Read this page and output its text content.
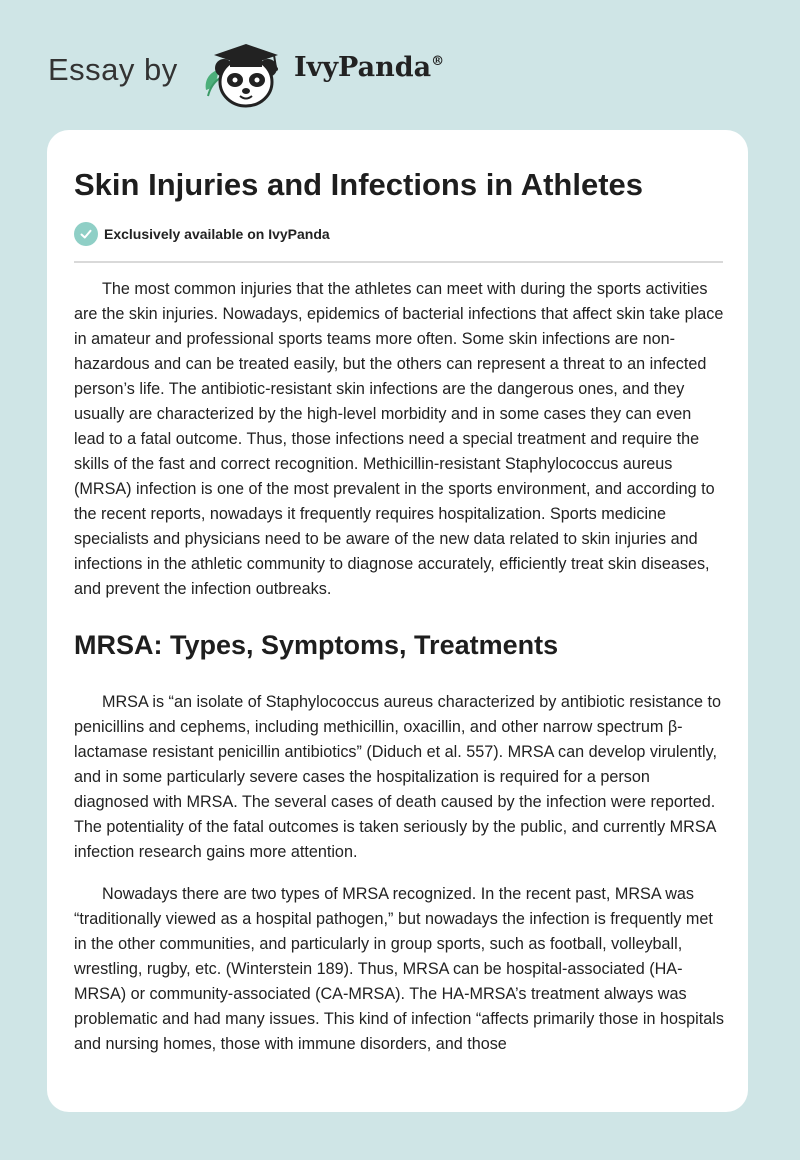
Essay by	IvyPanda®
Skin Injuries and Infections in Athletes
Exclusively available on IvyPanda

The most common injuries that the athletes can meet with during the sports activities are the skin injuries. Nowadays, epidemics of bacterial infections that affect skin take place in amateur and professional sports teams more often. Some skin infections are non-hazardous and can be treated easily, but the others can represent a threat to an infected person’s life. The antibiotic-resistant skin infections are the dangerous ones, and they usually are characterized by the high-level morbidity and in some cases they can even lead to a fatal outcome. Thus, those infections need a special treatment and require the skills of the fast and correct recognition. Methicillin-resistant Staphylococcus aureus (MRSA) infection is one of the most prevalent in the sports environment, and according to the recent reports, nowadays it frequently requires hospitalization. Sports medicine specialists and physicians need to be aware of the new data related to skin injuries and infections in the athletic community to diagnose accurately, efficiently treat skin diseases, and prevent the infection outbreaks.

MRSA: Types, Symptoms, Treatments

MRSA is “an isolate of Staphylococcus aureus characterized by antibiotic resistance to penicillins and cephems, including methicillin, oxacillin, and other narrow spectrum β-lactamase resistant penicillin antibiotics” (Diduch et al. 557). MRSA can develop virulently, and in some particularly severe cases the hospitalization is required for a person diagnosed with MRSA. The several cases of death caused by the infection were reported. The potentiality of the fatal outcomes is taken seriously by the public, and currently MRSA infection research gains more attention.

Nowadays there are two types of MRSA recognized. In the recent past, MRSA was “traditionally viewed as a hospital pathogen,” but nowadays the infection is frequently met in the other communities, and particularly in group sports, such as football, volleyball, wrestling, rugby, etc. (Winterstein 189). Thus, MRSA can be hospital-associated (HA-MRSA) or community-associated (CA-MRSA). The HA-MRSA’s treatment always was problematic and had many issues. This kind of infection “affects primarily those in hospitals and nursing homes, those with immune disorders, and those
